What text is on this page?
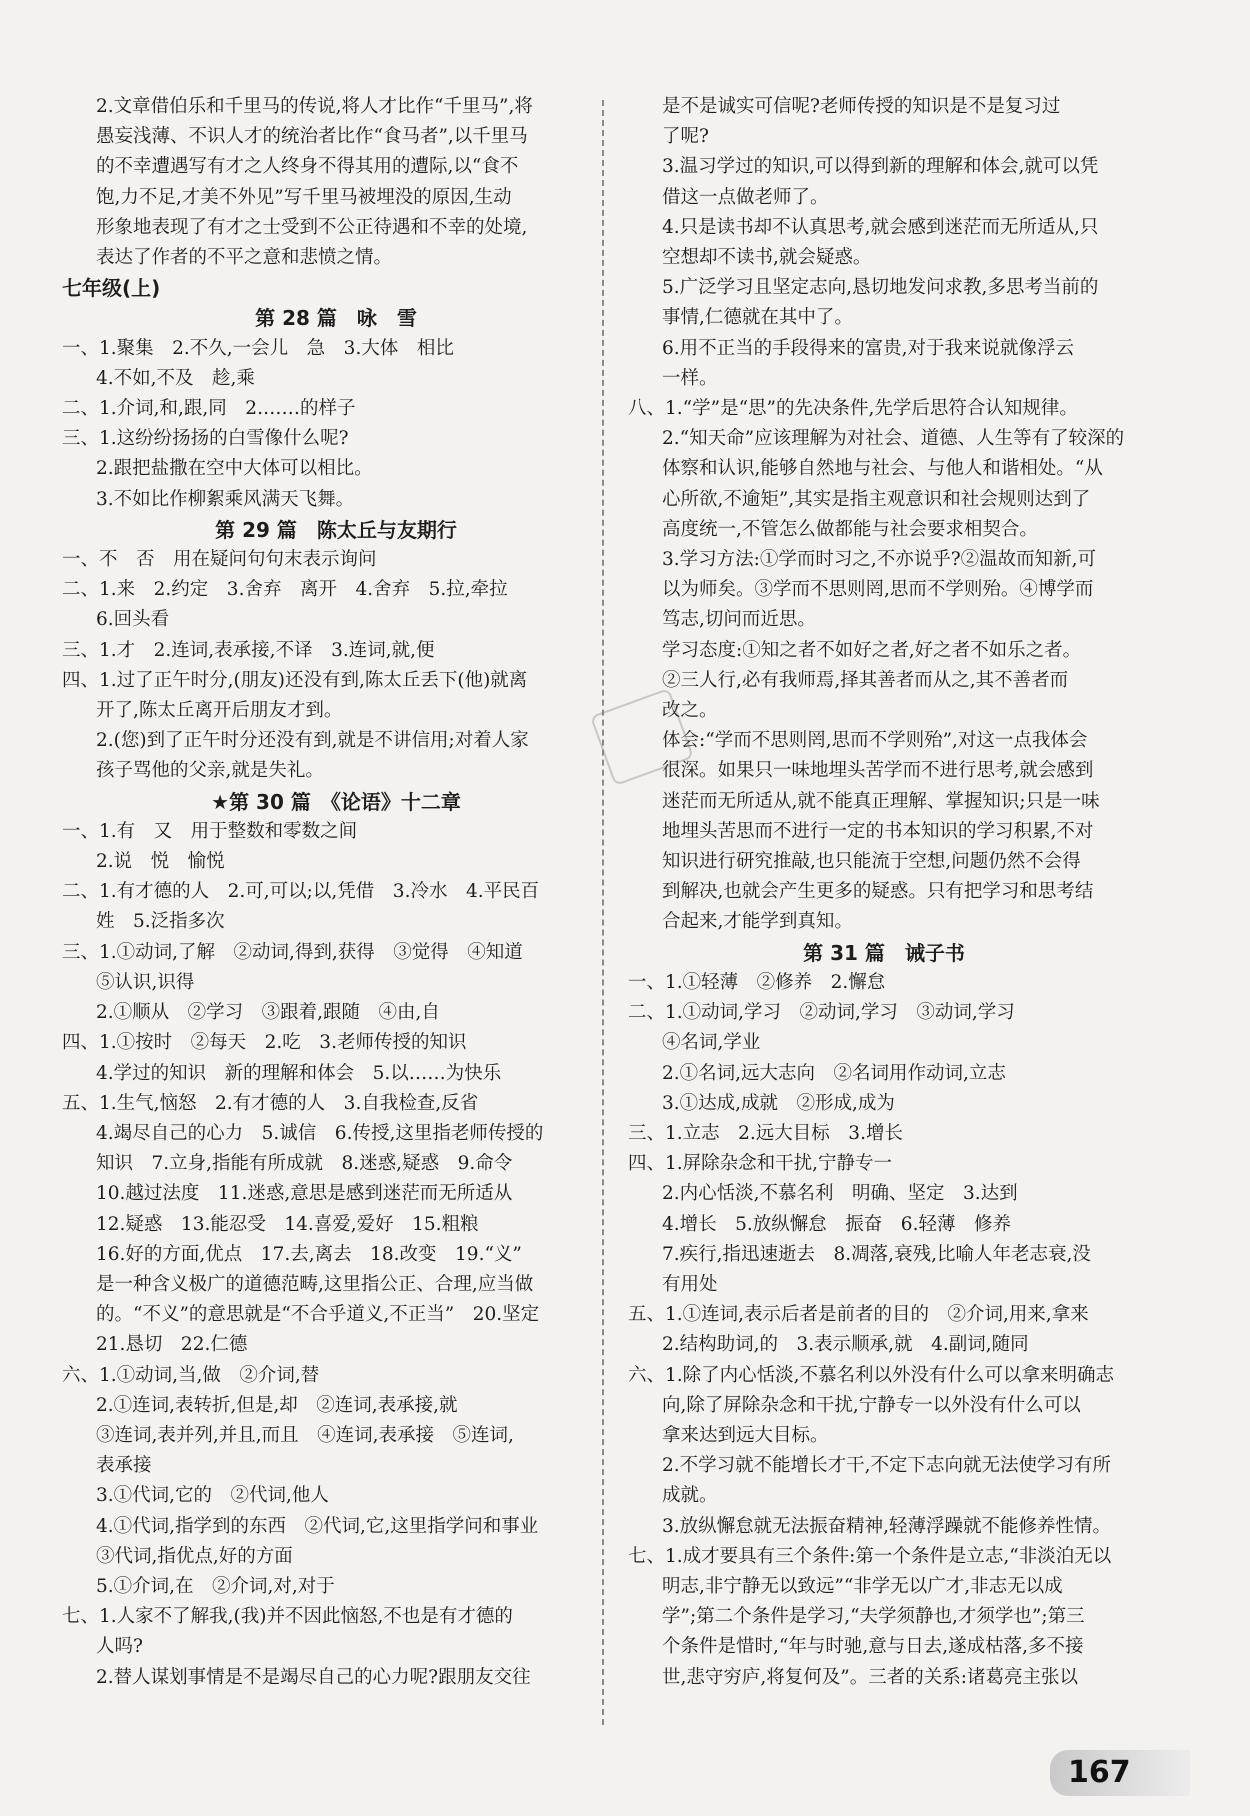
2.文章借伯乐和千里马的传说,将人才比作“千里马”,将
愚妄浅薄、不识人才的统治者比作“食马者”,以千里马
的不幸遭遇写有才之人终身不得其用的遭际,以“食不
饱,力不足,才美不外见”写千里马被埋没的原因,生动
形象地表现了有才之士受到不公正待遇和不幸的处境,
表达了作者的不平之意和悲愤之情。
七年级(上)
第 28 篇　咏　雪
一、1.聚集　2.不久,一会儿　急　3.大体　相比
4.不如,不及　趁,乘
二、1.介词,和,跟,同　2.……的样子
三、1.这纷纷扬扬的白雪像什么呢?
2.跟把盐撒在空中大体可以相比。
3.不如比作柳絮乘风满天飞舞。
第 29 篇　陈太丘与友期行
一、不　否　用在疑问句句末表示询问
二、1.来　2.约定　3.舍弃　离开　4.舍弃　5.拉,牵拉
6.回头看
三、1.才　2.连词,表承接,不译　3.连词,就,便
四、1.过了正午时分,(朋友)还没有到,陈太丘丢下(他)就离
开了,陈太丘离开后朋友才到。
2.(您)到了正午时分还没有到,就是不讲信用;对着人家
孩子骂他的父亲,就是失礼。
★第 30 篇　《论语》十二章
一、1.有　又　用于整数和零数之间
2.说　悦　愉悦
二、1.有才德的人　2.可,可以;以,凭借　3.冷水　4.平民百
姓　5.泛指多次
三、1.①动词,了解　②动词,得到,获得　③觉得　④知道
⑤认识,识得
2.①顺从　②学习　③跟着,跟随　④由,自
四、1.①按时　②每天　2.吃　3.老师传授的知识
4.学过的知识　新的理解和体会　5.以……为快乐
五、1.生气,恼怒　2.有才德的人　3.自我检查,反省
4.竭尽自己的心力　5.诚信　6.传授,这里指老师传授的
知识　7.立身,指能有所成就　8.迷惑,疑惑　9.命令
10.越过法度　11.迷惑,意思是感到迷茫而无所适从
12.疑惑　13.能忍受　14.喜爱,爱好　15.粗粮
16.好的方面,优点　17.去,离去　18.改变　19.“义”
是一种含义极广的道德范畴,这里指公正、合理,应当做
的。“不义”的意思就是“不合乎道义,不正当”　20.坚定
21.恳切　22.仁德
六、1.①动词,当,做　②介词,替
2.①连词,表转折,但是,却　②连词,表承接,就
③连词,表并列,并且,而且　④连词,表承接　⑤连词,
表承接
3.①代词,它的　②代词,他人
4.①代词,指学到的东西　②代词,它,这里指学问和事业
③代词,指优点,好的方面
5.①介词,在　②介词,对,对于
七、1.人家不了解我,(我)并不因此恼怒,不也是有才德的
人吗?
2.替人谋划事情是不是竭尽自己的心力呢?跟朋友交往
是不是诚实可信呢?老师传授的知识是不是复习过
了呢?
3.温习学过的知识,可以得到新的理解和体会,就可以凭
借这一点做老师了。
4.只是读书却不认真思考,就会感到迷茫而无所适从,只
空想却不读书,就会疑惑。
5.广泛学习且坚定志向,恳切地发问求教,多思考当前的
事情,仁德就在其中了。
6.用不正当的手段得来的富贵,对于我来说就像浮云
一样。
八、1.“学”是“思”的先决条件,先学后思符合认知规律。
2.“知天命”应该理解为对社会、道德、人生等有了较深的
体察和认识,能够自然地与社会、与他人和谐相处。“从
心所欲,不逾矩”,其实是指主观意识和社会规则达到了
高度统一,不管怎么做都能与社会要求相契合。
3.学习方法:①学而时习之,不亦说乎?②温故而知新,可
以为师矣。③学而不思则罔,思而不学则殆。④博学而
笃志,切问而近思。
学习态度:①知之者不如好之者,好之者不如乐之者。
②三人行,必有我师焉,择其善者而从之,其不善者而
改之。
体会:“学而不思则罔,思而不学则殆”,对这一点我体会
很深。如果只一味地埋头苦学而不进行思考,就会感到
迷茫而无所适从,就不能真正理解、掌握知识;只是一味
地埋头苦思而不进行一定的书本知识的学习积累,不对
知识进行研究推敲,也只能流于空想,问题仍然不会得
到解决,也就会产生更多的疑惑。只有把学习和思考结
合起来,才能学到真知。
第 31 篇　诫子书
一、1.①轻薄　②修养　2.懈怠
二、1.①动词,学习　②动词,学习　③动词,学习
④名词,学业
2.①名词,远大志向　②名词用作动词,立志
3.①达成,成就　②形成,成为
三、1.立志　2.远大目标　3.增长
四、1.屏除杂念和干扰,宁静专一
2.内心恬淡,不慕名利　明确、坚定　3.达到
4.增长　5.放纵懈怠　振奋　6.轻薄　修养
7.疾行,指迅速逝去　8.凋落,衰残,比喻人年老志衰,没
有用处
五、1.①连词,表示后者是前者的目的　②介词,用来,拿来
2.结构助词,的　3.表示顺承,就　4.副词,随同
六、1.除了内心恬淡,不慕名利以外没有什么可以拿来明确志
向,除了屏除杂念和干扰,宁静专一以外没有什么可以
拿来达到远大目标。
2.不学习就不能增长才干,不定下志向就无法使学习有所
成就。
3.放纵懈怠就无法振奋精神,轻薄浮躁就不能修养性情。
七、1.成才要具有三个条件:第一个条件是立志,“非淡泊无以
明志,非宁静无以致远”“非学无以广才,非志无以成
学”;第二个条件是学习,“夫学须静也,才须学也”;第三
个条件是惜时,“年与时驰,意与日去,遂成枯落,多不接
世,悲守穷庐,将复何及”。三者的关系:诸葛亮主张以
167
